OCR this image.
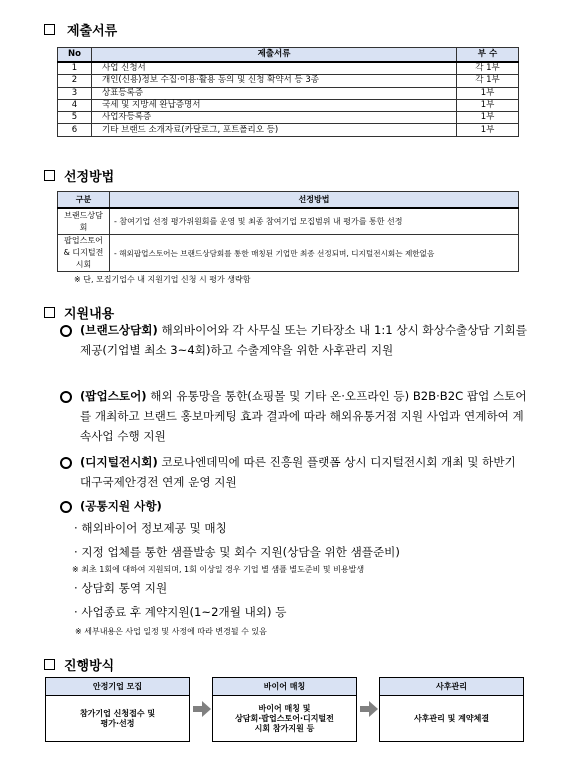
제출서류
No	제출서류	부 수
1	사업 신청서	각 1부
2	개인(신용)정보 수집·이용·활용 동의 및 신청 확약서 등 3종	각 1부
3	상표등록증	1부
4	국세 및 지방세 완납증명서	1부
5	사업자등록증	1부
6	기타 브랜드 소개자료(카달로그, 포트폴리오 등)	1부
선정방법
구분	선정방법
브랜드상담회	- 참여기업 선정 평가위원회를 운영 및 최종 참여기업 모집범위 내 평가를 통한 선정
팝업스토어 & 디지털전시회	- 해외팝업스토어는 브랜드상담회를 통한 매칭된 기업만 최종 선정되며, 디지털전시회는 제한없음
※ 단, 모집기업수 내 지원기업 신청 시 평가 생략함
지원내용
(브랜드상담회) 해외바이어와 각 사무실 또는 기타장소 내 1:1 상시 화상수출상담 기회를 제공(기업별 최소 3~4회)하고 수출계약을 위한 사후관리 지원
(팝업스토어) 해외 유통망을 통한(쇼핑몰 및 기타 온·오프라인 등) B2B·B2C 팝업 스토어를 개최하고 브랜드 홍보마케팅 효과 결과에 따라 해외유통거점 지원 사업과 연계하여 계속사업 수행 지원
(디지털전시회) 코로나엔데믹에 따른 진흥원 플랫폼 상시 디지털전시회 개최 및 하반기 대구국제안경전 연계 운영 지원
(공통지원 사항)
· 해외바이어 정보제공 및 매칭
· 지정 업체를 통한 샘플발송 및 회수 지원(상담을 위한 샘플준비)
※ 최초 1회에 대하여 지원되며, 1회 이상일 경우 기업 별 샘플 별도준비 및 비용발생
· 상담회 통역 지원
· 사업종료 후 계약지원(1~2개월 내외) 등
※ 세부내용은 사업 일정 및 사정에 따라 변경될 수 있음
진행방식
안정기업 모집
참가기업 신청접수 및
평가·선정
바이어 매칭
바이어 매칭 및
상담회·팝업스토어·디지털전
시회 참가지원 등
사후관리
사후관리 및 계약체결
